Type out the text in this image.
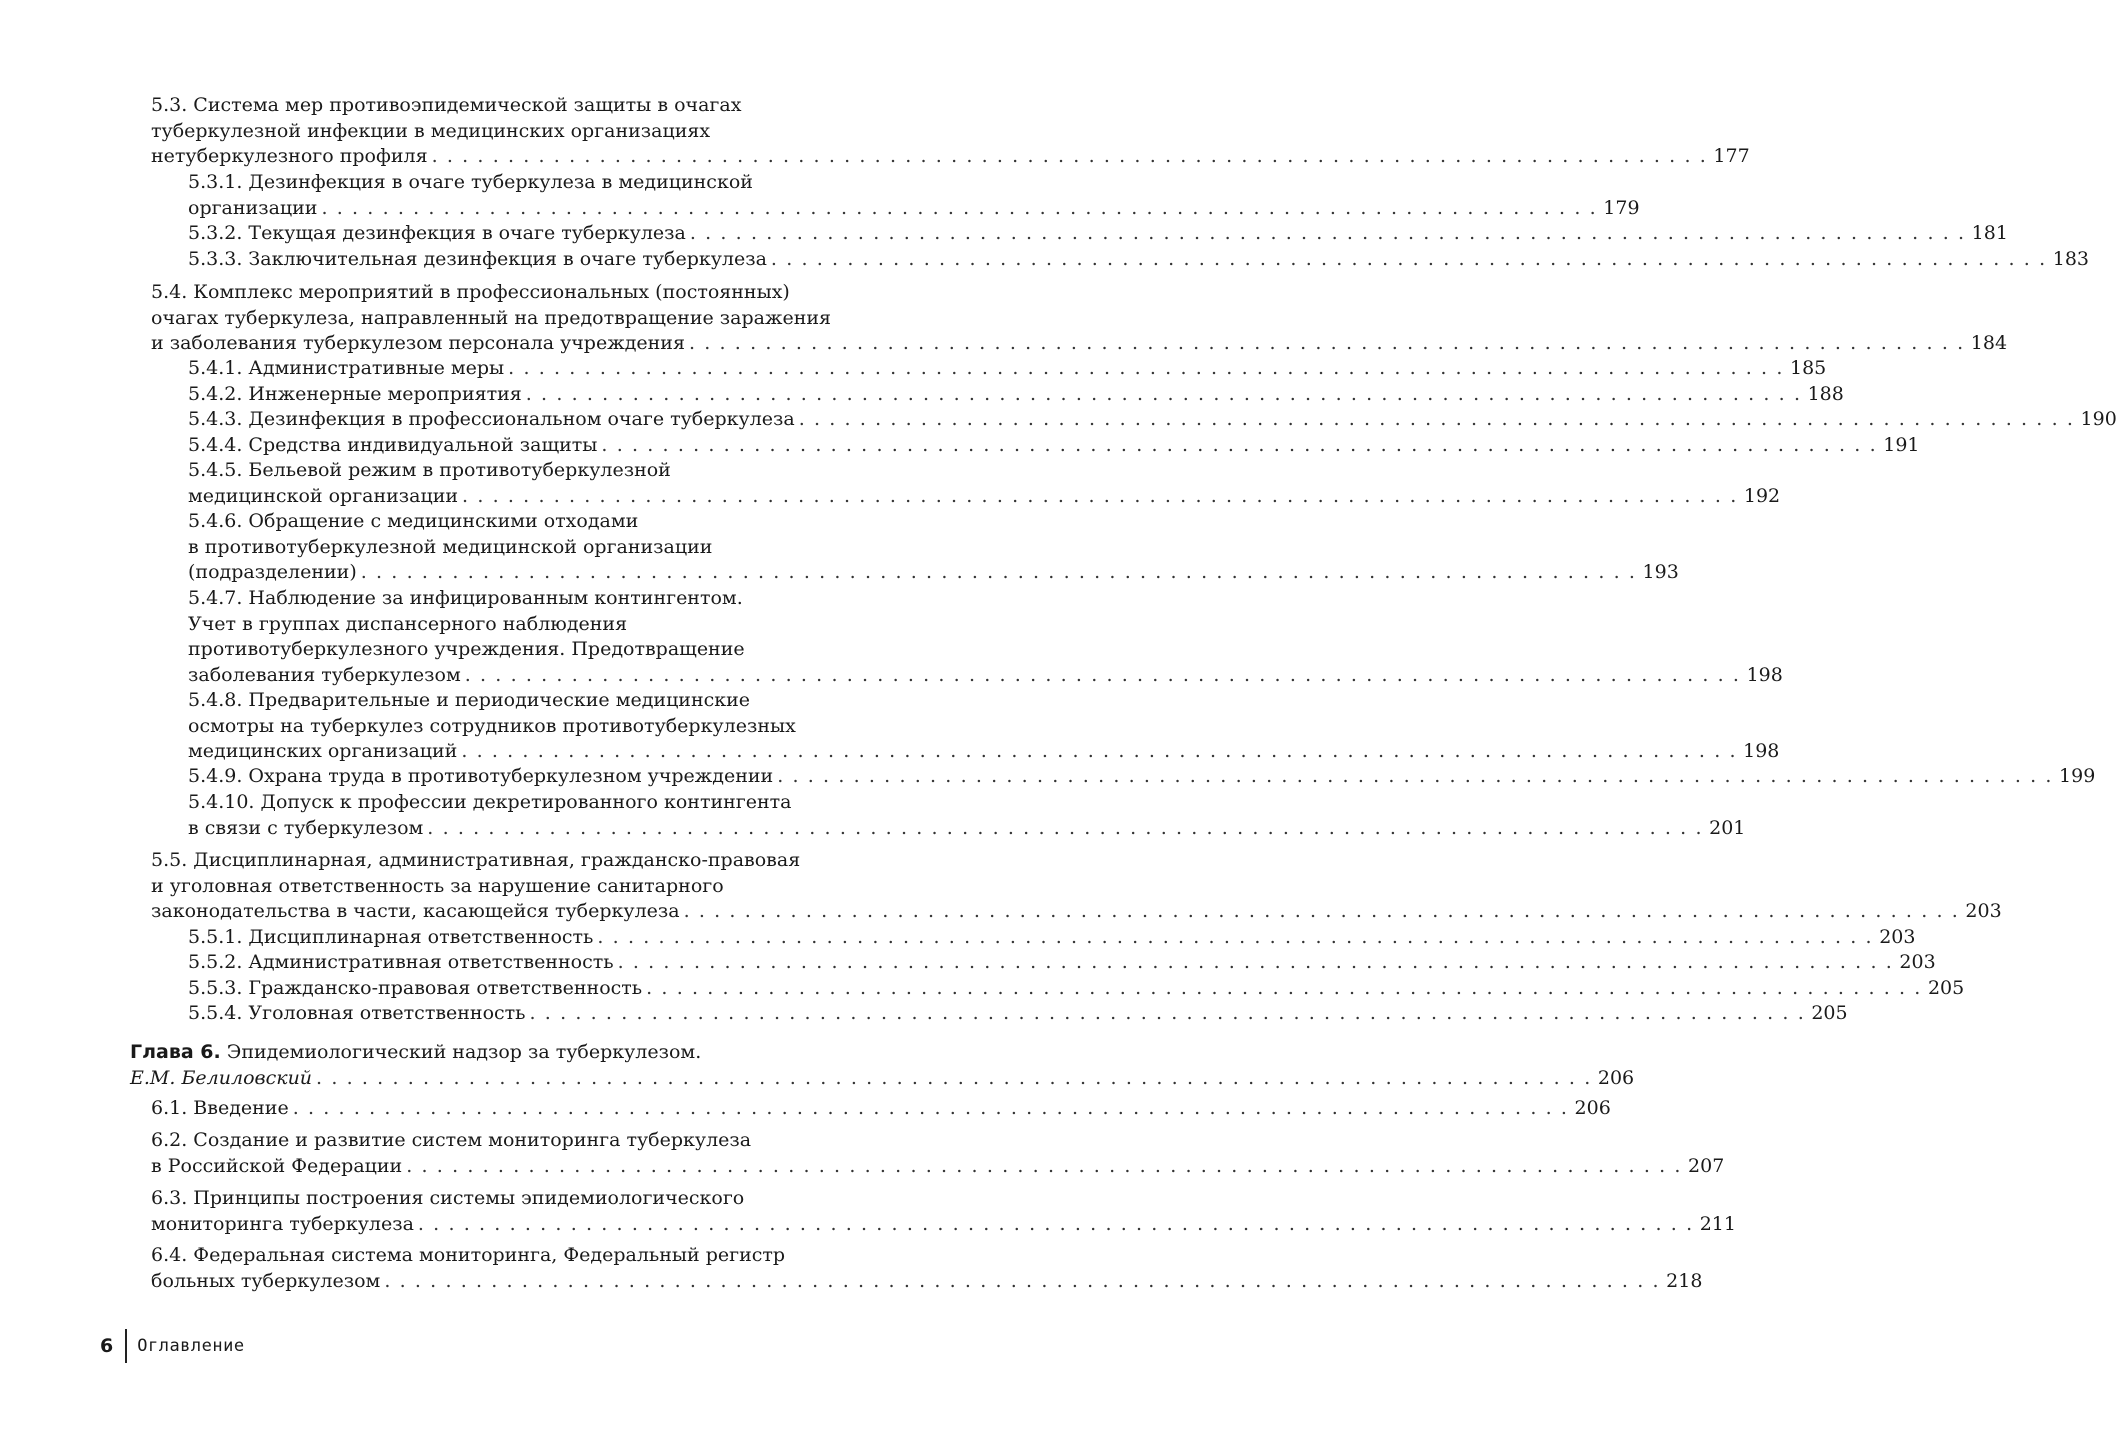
5.3. Система мер противоэпидемической защиты в очагах
туберкулезной инфекции в медицинских организациях
нетуберкулезного профиля . . . . . . . . . . . . . . . . . . . . . . . . . . . . . . . . . . . . . . . . . . . . . . . . . . . . . . . . . . . . . . . . . . . . . . . . . . . . . . . . . . . . 177
5.3.1. Дезинфекция в очаге туберкулеза в медицинской
организации . . . . . . . . . . . . . . . . . . . . . . . . . . . . . . . . . . . . . . . . . . . . . . . . . . . . . . . . . . . . . . . . . . . . . . . . . . . . . . . . . . . . 179
5.3.2. Текущая дезинфекция в очаге туберкулеза . . . . . . . . . . . . . . . . . . . . . . . . . . . . . . . . . . . . . . . . . . . . . . . . . . . . . . . . . . . . . . . . . . . . . . . . . . . . . . . . . . . . 181
5.3.3. Заключительная дезинфекция в очаге туберкулеза . . . . . . . . . . . . . . . . . . . . . . . . . . . . . . . . . . . . . . . . . . . . . . . . . . . . . . . . . . . . . . . . . . . . . . . . . . . . . . . . . . . . 183
5.4. Комплекс мероприятий в профессиональных (постоянных)
очагах туберкулеза, направленный на предотвращение заражения
и заболевания туберкулезом персонала учреждения . . . . . . . . . . . . . . . . . . . . . . . . . . . . . . . . . . . . . . . . . . . . . . . . . . . . . . . . . . . . . . . . . . . . . . . . . . . . . . . . . . . . 184
5.4.1. Административные меры . . . . . . . . . . . . . . . . . . . . . . . . . . . . . . . . . . . . . . . . . . . . . . . . . . . . . . . . . . . . . . . . . . . . . . . . . . . . . . . . . . . . 185
5.4.2. Инженерные мероприятия . . . . . . . . . . . . . . . . . . . . . . . . . . . . . . . . . . . . . . . . . . . . . . . . . . . . . . . . . . . . . . . . . . . . . . . . . . . . . . . . . . . . 188
5.4.3. Дезинфекция в профессиональном очаге туберкулеза . . . . . . . . . . . . . . . . . . . . . . . . . . . . . . . . . . . . . . . . . . . . . . . . . . . . . . . . . . . . . . . . . . . . . . . . . . . . . . . . . . . . 190
5.4.4. Средства индивидуальной защиты . . . . . . . . . . . . . . . . . . . . . . . . . . . . . . . . . . . . . . . . . . . . . . . . . . . . . . . . . . . . . . . . . . . . . . . . . . . . . . . . . . . . 191
5.4.5. Бельевой режим в противотуберкулезной
медицинской организации . . . . . . . . . . . . . . . . . . . . . . . . . . . . . . . . . . . . . . . . . . . . . . . . . . . . . . . . . . . . . . . . . . . . . . . . . . . . . . . . . . . . 192
5.4.6. Обращение с медицинскими отходами
в противотуберкулезной медицинской организации
(подразделении) . . . . . . . . . . . . . . . . . . . . . . . . . . . . . . . . . . . . . . . . . . . . . . . . . . . . . . . . . . . . . . . . . . . . . . . . . . . . . . . . . . . . 193
5.4.7. Наблюдение за инфицированным контингентом.
Учет в группах диспансерного наблюдения
противотуберкулезного учреждения. Предотвращение
заболевания туберкулезом . . . . . . . . . . . . . . . . . . . . . . . . . . . . . . . . . . . . . . . . . . . . . . . . . . . . . . . . . . . . . . . . . . . . . . . . . . . . . . . . . . . . 198
5.4.8. Предварительные и периодические медицинские
осмотры на туберкулез сотрудников противотуберкулезных
медицинских организаций . . . . . . . . . . . . . . . . . . . . . . . . . . . . . . . . . . . . . . . . . . . . . . . . . . . . . . . . . . . . . . . . . . . . . . . . . . . . . . . . . . . . 198
5.4.9. Охрана труда в противотуберкулезном учреждении . . . . . . . . . . . . . . . . . . . . . . . . . . . . . . . . . . . . . . . . . . . . . . . . . . . . . . . . . . . . . . . . . . . . . . . . . . . . . . . . . . . . 199
5.4.10. Допуск к профессии декретированного контингента
в связи с туберкулезом . . . . . . . . . . . . . . . . . . . . . . . . . . . . . . . . . . . . . . . . . . . . . . . . . . . . . . . . . . . . . . . . . . . . . . . . . . . . . . . . . . . . 201
5.5. Дисциплинарная, административная, гражданско-правовая
и уголовная ответственность за нарушение санитарного
законодательства в части, касающейся туберкулеза . . . . . . . . . . . . . . . . . . . . . . . . . . . . . . . . . . . . . . . . . . . . . . . . . . . . . . . . . . . . . . . . . . . . . . . . . . . . . . . . . . . . 203
5.5.1. Дисциплинарная ответственность . . . . . . . . . . . . . . . . . . . . . . . . . . . . . . . . . . . . . . . . . . . . . . . . . . . . . . . . . . . . . . . . . . . . . . . . . . . . . . . . . . . . 203
5.5.2. Административная ответственность . . . . . . . . . . . . . . . . . . . . . . . . . . . . . . . . . . . . . . . . . . . . . . . . . . . . . . . . . . . . . . . . . . . . . . . . . . . . . . . . . . . . 203
5.5.3. Гражданско-правовая ответственность . . . . . . . . . . . . . . . . . . . . . . . . . . . . . . . . . . . . . . . . . . . . . . . . . . . . . . . . . . . . . . . . . . . . . . . . . . . . . . . . . . . . 205
5.5.4. Уголовная ответственность . . . . . . . . . . . . . . . . . . . . . . . . . . . . . . . . . . . . . . . . . . . . . . . . . . . . . . . . . . . . . . . . . . . . . . . . . . . . . . . . . . . . 205
Глава 6. Эпидемиологический надзор за туберкулезом.
Е.М. Белиловский . . . . . . . . . . . . . . . . . . . . . . . . . . . . . . . . . . . . . . . . . . . . . . . . . . . . . . . . . . . . . . . . . . . . . . . . . . . . . . . . . . . . 206
6.1. Введение . . . . . . . . . . . . . . . . . . . . . . . . . . . . . . . . . . . . . . . . . . . . . . . . . . . . . . . . . . . . . . . . . . . . . . . . . . . . . . . . . . . . 206
6.2. Создание и развитие систем мониторинга туберкулеза
в Российской Федерации . . . . . . . . . . . . . . . . . . . . . . . . . . . . . . . . . . . . . . . . . . . . . . . . . . . . . . . . . . . . . . . . . . . . . . . . . . . . . . . . . . . . 207
6.3. Принципы построения системы эпидемиологического
мониторинга туберкулеза . . . . . . . . . . . . . . . . . . . . . . . . . . . . . . . . . . . . . . . . . . . . . . . . . . . . . . . . . . . . . . . . . . . . . . . . . . . . . . . . . . . . 211
6.4. Федеральная система мониторинга, Федеральный регистр
больных туберкулезом . . . . . . . . . . . . . . . . . . . . . . . . . . . . . . . . . . . . . . . . . . . . . . . . . . . . . . . . . . . . . . . . . . . . . . . . . . . . . . . . . . . . 218
6 Оглавление
